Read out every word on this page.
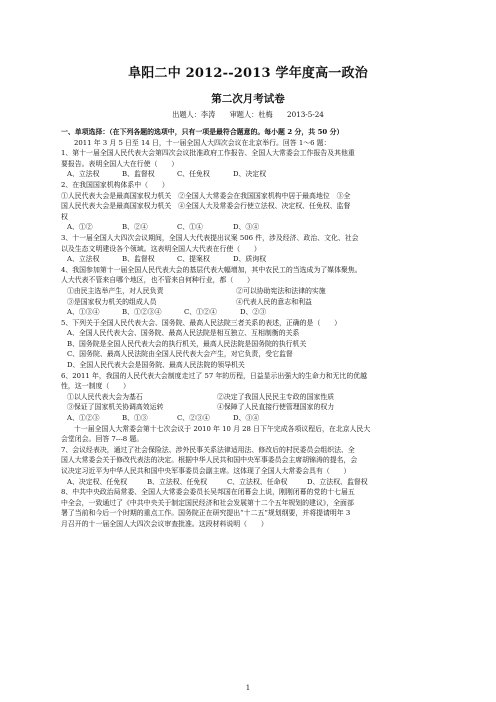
阜阳二中 2012--2013 学年度高一政治
第二次月考试卷
出题人：李涛 审题人：杜梅 2013-5-24
一、单项选择：（在下列各题的选项中，只有一项是最符合题意的。每小题 2 分，共 50 分）
2011 年 3 月 5 日至 14 日，十一届全国人大四次会议在北京举行。回答 1～6 题：
1、第十一届全国人民代表大会第四次会议批准政府工作报告、全国人大常委会工作报告及其他重
要报告。表明全国人大在行使（　　）
A、立法权	B、监督权	C、任免权	D、决定权
2、在我国国家机构体系中（　　）
①人民代表大会是最高国家权力机关　②全国人大常委会在我国国家机构中居于最高地位　③全
国人民代表大会是最高国家权力机关　④全国人大及常委会行使立法权、决定权、任免权、监督
权
A、①②	B、②④	C、①④	D、③④
3、十一届全国人大四次会议期间，全国人大代表提出议案 506 件，涉及经济、政治、文化、社会
以及生态文明建设各个领域。这表明全国人大代表在行使（　　）
A、立法权	B、监督权	C、提案权	D、质询权
4、我国参加第十一届全国人民代表大会的基层代表大幅增加，其中农民工的当选成为了媒体聚焦。
人大代表不管来自哪个地区，也不管来自何种行业，都（　　）
①由民主选举产生，对人民负责	②可以协助宪法和法律的实施
③是国家权力机关的组成人员	④代表人民的意志和利益
A、①③④	B、①②③④	C、①②④	D、②③
5、下列关于全国人民代表大会、国务院、最高人民法院三者关系的表述，正确的是（　　）
A、全国人民代表大会、国务院、最高人民法院是相互独立、互相制衡的关系
B、国务院是全国人民代表大会的执行机关，最高人民法院是国务院的执行机关
C、国务院、最高人民法院由全国人民代表大会产生，对它负责，受它监督
D、全国人民代表大会是国务院、最高人民法院的领导机关
6、2011 年，我国的人民代表大会制度走过了 57 年的历程，日益显示出强大的生命力和无比的优越
性，这一制度（　　）
①以人民代表大会为基石	②决定了我国人民民主专政的国家性质
③保证了国家机关协调高效运转	④保障了人民直接行使管理国家的权力
A、①②③	B、①③	C、②③④	D、③④
十一届全国人大常委会第十七次会议于 2010 年 10 月 28 日下午完成各项议程后，在北京人民大
会堂闭会。回答 7---8 题。
7、会议经表决，通过了社会保险法、涉外民事关系法律适用法、修改后的村民委员会组织法、全
国人大常委会关于修改代表法的决定。根据中华人民共和国中央军事委员会主席胡锦涛的提名，会
议决定习近平为中华人民共和国中央军事委员会副主席。这体现了全国人大常委会具有（　　）
A、决定权、任免权	B、立法权、任免权	C、立法权、任命权	D、立法权、监督权
8、中共中央政治局常委、全国人大常委会委员长吴邦国在闭幕会上说，刚刚闭幕的党的十七届五
中全会，一致通过了《中共中央关于制定国民经济和社会发展第十二个五年规划的建议》，全面部
署了当前和今后一个时期的重点工作。国务院正在研究提出“十二五”规划纲要，并将提请明年 3
月召开的十一届全国人大四次会议审查批准。这段材料说明（　　）
1
